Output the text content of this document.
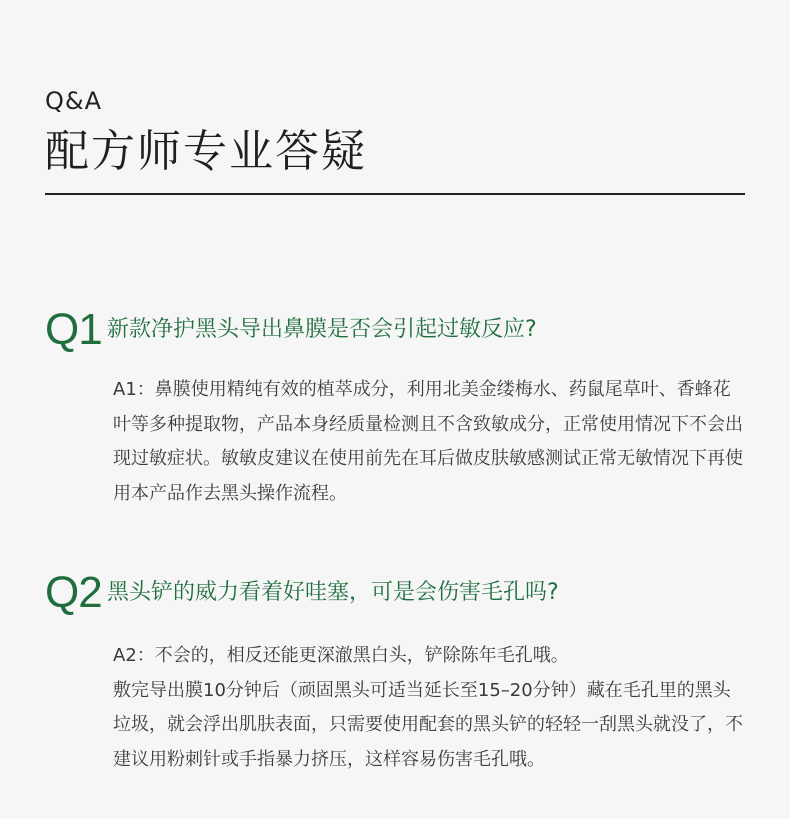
Q&A
配方师专业答疑
Q1 新款净护黑头导出鼻膜是否会引起过敏反应?

A1：鼻膜使用精纯有效的植萃成分，利用北美金缕梅水、药鼠尾草叶、香蜂花叶等多种提取物，产品本身经质量检测且不含致敏成分，正常使用情况下不会出现过敏症状。敏敏皮建议在使用前先在耳后做皮肤敏感测试正常无敏情况下再使用本产品作去黑头操作流程。

Q2 黑头铲的威力看着好哇塞，可是会伤害毛孔吗?

A2：不会的，相反还能更深澈黑白头，铲除陈年毛孔哦。

敷完导出膜10分钟后（顽固黑头可适当延长至15–20分钟）藏在毛孔里的黑头垃圾，就会浮出肌肤表面，只需要使用配套的黑头铲的轻轻一刮黑头就没了，不建议用粉刺针或手指暴力挤压，这样容易伤害毛孔哦。
